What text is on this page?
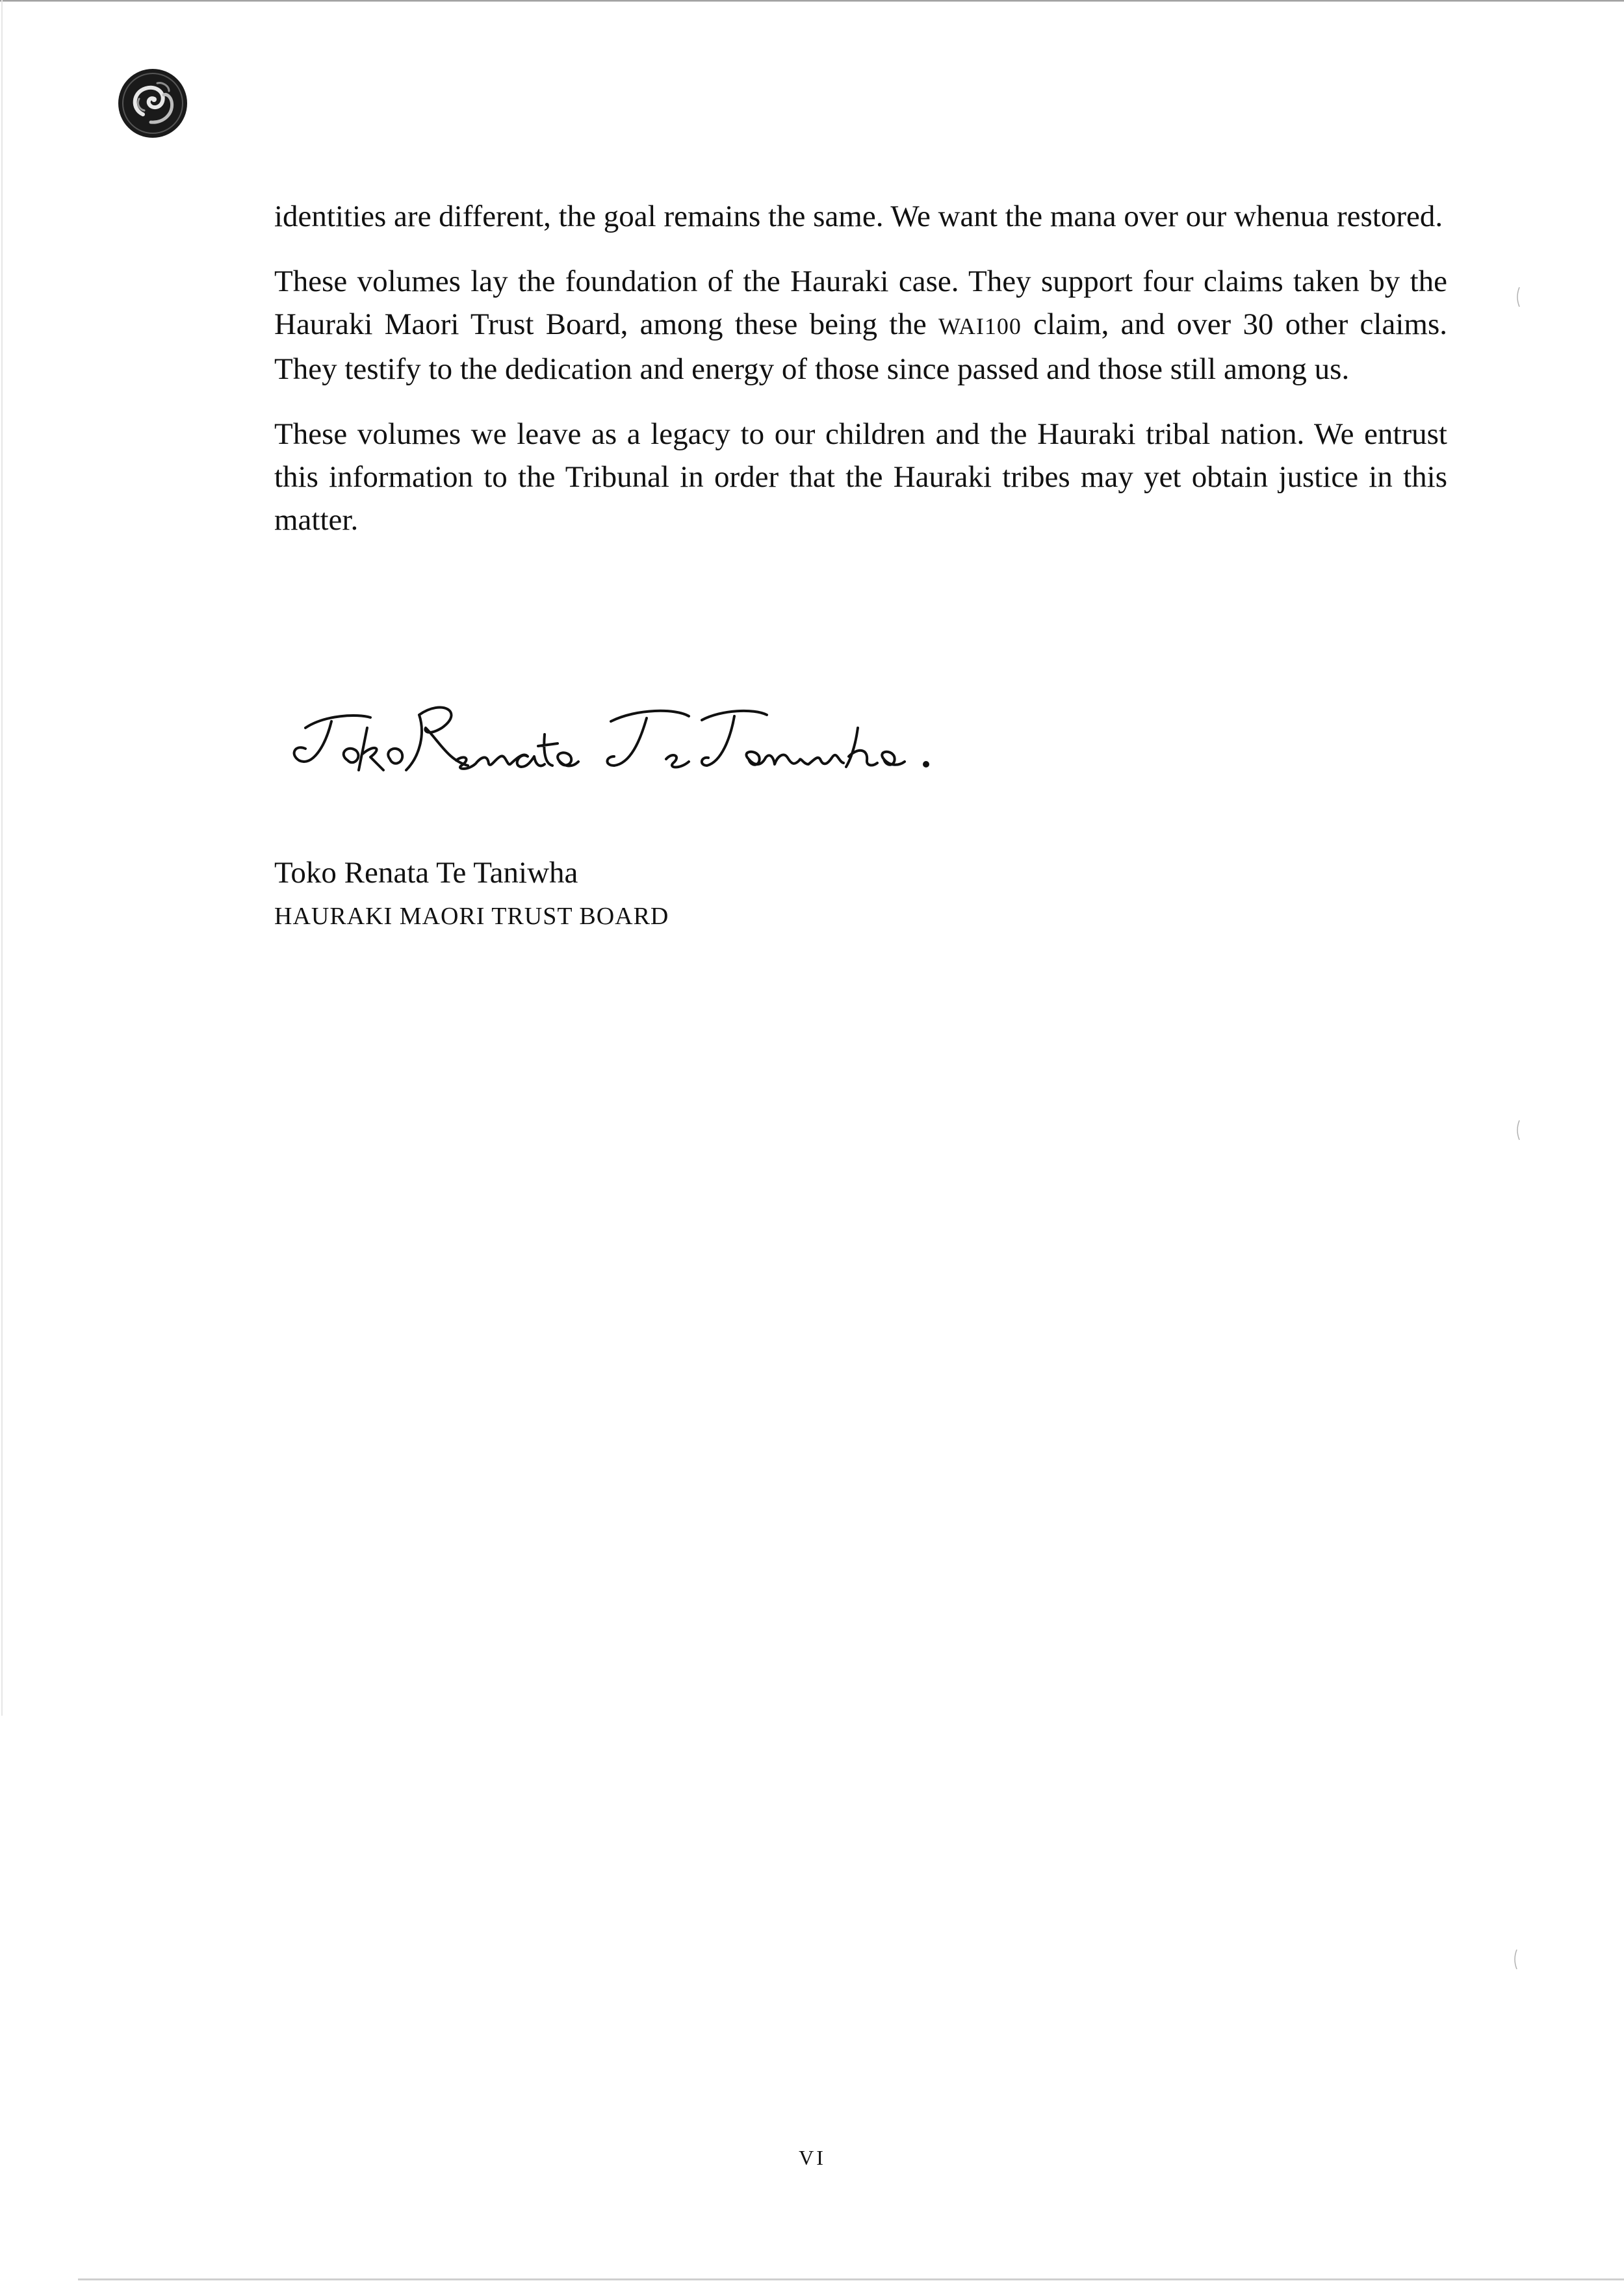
identities are different, the goal remains the same. We want the mana over our whenua restored.

These volumes lay the foundation of the Hauraki case. They support four claims taken by the Hauraki Maori Trust Board, among these being the WAI100 claim, and over 30 other claims. They testify to the dedication and energy of those since passed and those still among us.

These volumes we leave as a legacy to our children and the Hauraki tribal nation. We entrust this information to the Tribunal in order that the Hauraki tribes may yet obtain justice in this matter.

Toko Renata Te Taniwha
HAURAKI MAORI TRUST BOARD
VI
